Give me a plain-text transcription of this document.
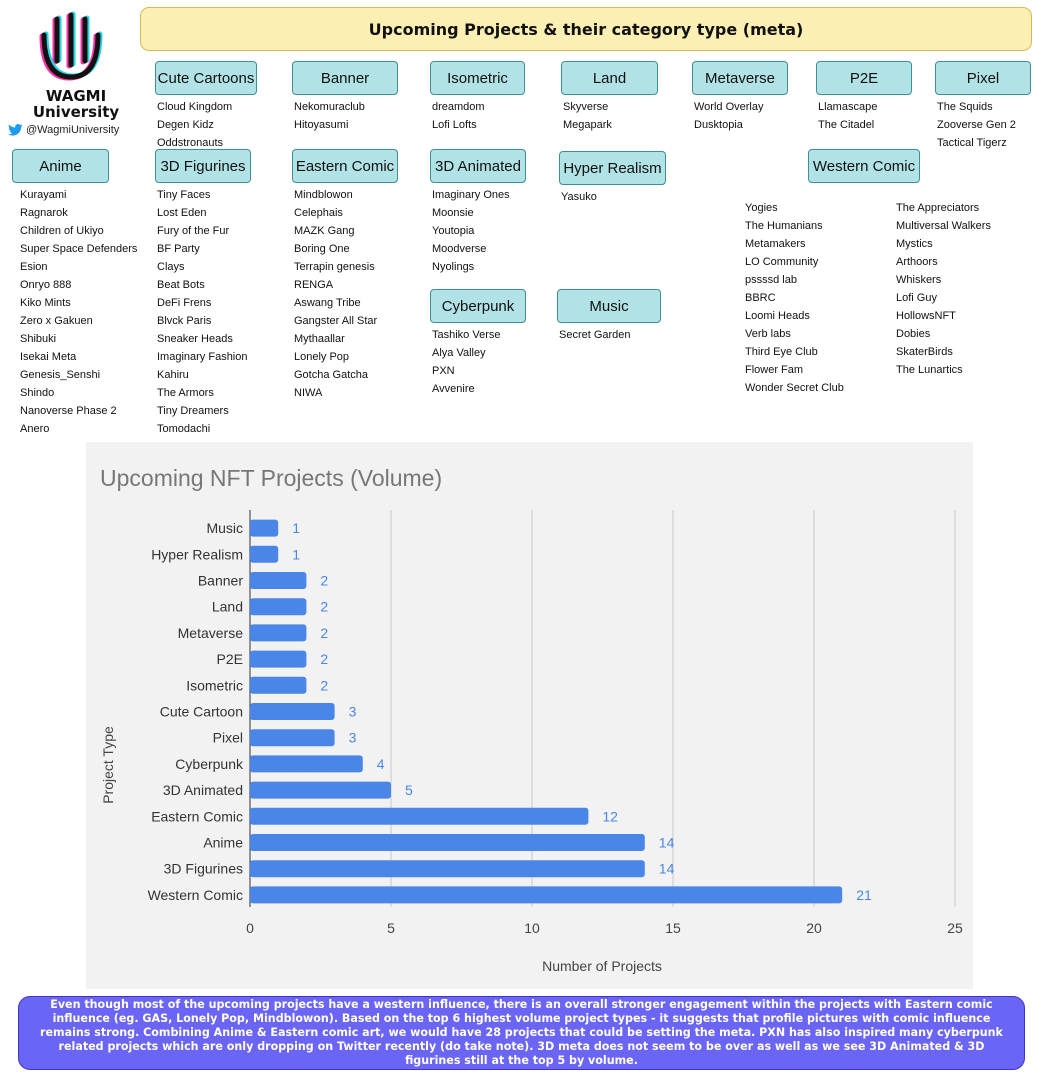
WAGMI
University
@WagmiUniversity
Upcoming Projects & their category type (meta)
Cute Cartoons
Cloud Kingdom
Degen Kidz
Oddstronauts
Banner
Nekomuraclub
Hitoyasumi
Isometric
dreamdom
Lofi Lofts
Land
Skyverse
Megapark
Metaverse
World Overlay
Dusktopia
P2E
Llamascape
The Citadel
Pixel
The Squids
Zooverse Gen 2
Tactical Tigerz
Anime
Kurayami
Ragnarok
Children of Ukiyo
Super Space Defenders
Esion
Onryo 888
Kiko Mints
Zero x Gakuen
Shibuki
Isekai Meta
Genesis_Senshi
Shindo
Nanoverse Phase 2
Anero
3D Figurines
Tiny Faces
Lost Eden
Fury of the Fur
BF Party
Clays
Beat Bots
DeFi Frens
Blvck Paris
Sneaker Heads
Imaginary Fashion
Kahiru
The Armors
Tiny Dreamers
Tomodachi
Eastern Comic
Mindblowon
Celephais
MAZK Gang
Boring One
Terrapin genesis
RENGA
Aswang Tribe
Gangster All Star
Mythaallar
Lonely Pop
Gotcha Gatcha
NIWA
3D Animated
Imaginary Ones
Moonsie
Youtopia
Moodverse
Nyolings
Hyper Realism
Yasuko
Cyberpunk
Tashiko Verse
Alya Valley
PXN
Avvenire
Music
Secret Garden
Western Comic
Yogies
The Humanians
Metamakers
LO Community
pssssd lab
BBRC
Loomi Heads
Verb labs
Third Eye Club
Flower Fam
Wonder Secret Club
The Appreciators
Multiversal Walkers
Mystics
Arthoors
Whiskers
Lofi Guy
HollowsNFT
Dobies
SkaterBirds
The Lunartics
Upcoming NFT Projects (Volume)
Number of Projects
Project Type
0	5	10	15	20	25
Music	1
Hyper Realism	1
Banner	2
Land	2
Metaverse	2
P2E	2
Isometric	2
Cute Cartoon	3
Pixel	3
Cyberpunk	4
3D Animated	5
Eastern Comic	12
Anime	14
3D Figurines	14
Western Comic	21
Even though most of the upcoming projects have a western influence, there is an overall stronger engagement within the projects with Eastern comic influence (eg. GAS, Lonely Pop, Mindblowon). Based on the top 6 highest volume project types - it suggests that profile pictures with comic influence remains strong. Combining Anime & Eastern comic art, we would have 28 projects that could be setting the meta. PXN has also inspired many cyberpunk related projects which are only dropping on Twitter recently (do take note). 3D meta does not seem to be over as well as we see 3D Animated & 3D figurines still at the top 5 by volume.
